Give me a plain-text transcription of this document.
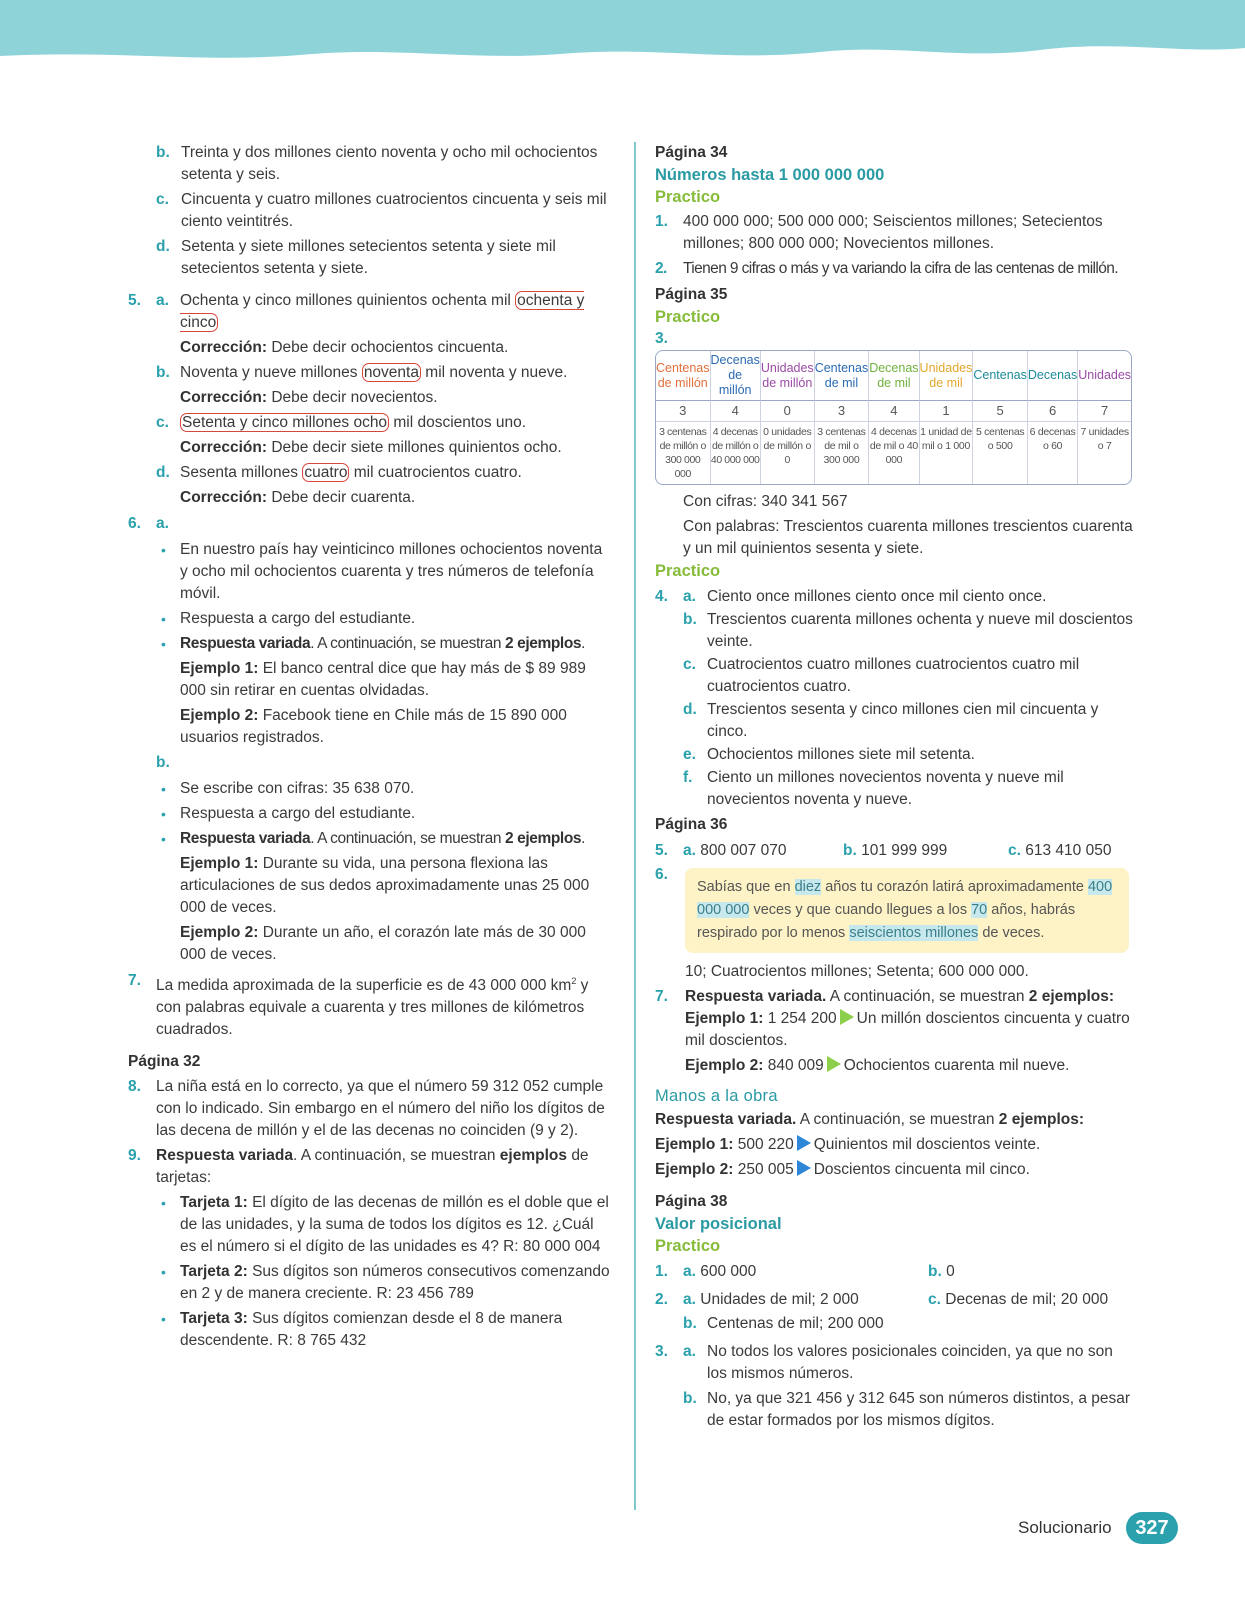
b. Treinta y dos millones ciento noventa y ocho mil ochocientos setenta y seis.

c. Cincuenta y cuatro millones cuatrocientos cincuenta y seis mil ciento veintitrés.

d. Setenta y siete millones setecientos setenta y siete mil setecientos setenta y siete.

5. a. Ochenta y cinco millones quinientos ochenta mil ochenta y cinco

Corrección: Debe decir ochocientos cincuenta.

b. Noventa y nueve millones noventa mil noventa y nueve.

Corrección: Debe decir novecientos.

c. Setenta y cinco millones ocho mil doscientos uno.

Corrección: Debe decir siete millones quinientos ocho.

d. Sesenta millones cuatro mil cuatrocientos cuatro.

Corrección: Debe decir cuarenta.

6. a.

• En nuestro país hay veinticinco millones ochocientos noventa y ocho mil ochocientos cuarenta y tres números de telefonía móvil.

• Respuesta a cargo del estudiante.

• Respuesta variada. A continuación, se muestran 2 ejemplos.

Ejemplo 1: El banco central dice que hay más de $ 89 989 000 sin retirar en cuentas olvidadas.

Ejemplo 2: Facebook tiene en Chile más de 15 890 000 usuarios registrados.

b.

• Se escribe con cifras: 35 638 070.

• Respuesta a cargo del estudiante.

• Respuesta variada. A continuación, se muestran 2 ejemplos.

Ejemplo 1: Durante su vida, una persona flexiona las articulaciones de sus dedos aproximadamente unas 25 000 000 de veces.

Ejemplo 2: Durante un año, el corazón late más de 30 000 000 de veces.

7. La medida aproximada de la superficie es de 43 000 000 $km^2$ y con palabras equivale a cuarenta y tres millones de kilómetros cuadrados.

Página 32

8. La niña está en lo correcto, ya que el número 59 312 052 cumple con lo indicado. Sin embargo en el número del niño los dígitos de las decena de millón y el de las decenas no coinciden (9 y 2).

9. Respuesta variada. A continuación, se muestran ejemplos de tarjetas:

• Tarjeta 1: El dígito de las decenas de millón es el doble que el de las unidades, y la suma de todos los dígitos es 12. ¿Cuál es el número si el dígito de las unidades es 4? R: 80 000 004

• Tarjeta 2: Sus dígitos son números consecutivos comenzando en 2 y de manera creciente. R: 23 456 789

• Tarjeta 3: Sus dígitos comienzan desde el 8 de manera descendente. R: 8 765 432

Página 34

Números hasta 1 000 000 000

Practico

1. 400 000 000; 500 000 000; Seiscientos millones; Setecientos millones; 800 000 000; Novecientos millones.

2. Tienen 9 cifras o más y va variando la cifra de las centenas de millón.

Página 35

Practico

3.

Centenas de millón	Decenas de millón	Unidades de millón	Centenas de mil	Decenas de mil	Unidades de mil	Centenas	Decenas	Unidades
3	4	0	3	4	1	5	6	7
3 centenas de millón o 300 000 000	4 decenas de millón o 40 000 000	0 unidades de millón o 0	3 centenas de mil o 300 000	4 decenas de mil o 40 000	1 unidad de mil o 1 000	5 centenas o 500	6 decenas o 60	7 unidades o 7

Con cifras: 340 341 567

Con palabras: Trescientos cuarenta millones trescientos cuarenta y un mil quinientos sesenta y siete.

Practico

4. a. Ciento once millones ciento once mil ciento once.

b. Trescientos cuarenta millones ochenta y nueve mil doscientos veinte.

c. Cuatrocientos cuatro millones cuatrocientos cuatro mil cuatrocientos cuatro.

d. Trescientos sesenta y cinco millones cien mil cincuenta y cinco.

e. Ochocientos millones siete mil setenta.

f. Ciento un millones novecientos noventa y nueve mil novecientos noventa y nueve.

Página 36

5. a. 800 007 070	b. 101 999 999	c. 613 410 050

6.

Sabías que en diez años tu corazón latirá aproximadamente 400 000 000 veces y que cuando llegues a los 70 años, habrás respirado por lo menos seiscientos millones de veces.

10; Cuatrocientos millones; Setenta; 600 000 000.

7. Respuesta variada. A continuación, se muestran 2 ejemplos:

Ejemplo 1: 1 254 200 Un millón doscientos cincuenta y cuatro mil doscientos.

Ejemplo 2: 840 009 Ochocientos cuarenta mil nueve.

Manos a la obra

Respuesta variada. A continuación, se muestran 2 ejemplos:

Ejemplo 1: 500 220 Quinientos mil doscientos veinte.

Ejemplo 2: 250 005 Doscientos cincuenta mil cinco.

Página 38

Valor posicional

Practico

1. a. 600 000	b. 0
2. a. Unidades de mil; 2 000	c. Decenas de mil; 20 000

b. Centenas de mil; 200 000

3. a. No todos los valores posicionales coinciden, ya que no son los mismos números.

b. No, ya que 321 456 y 312 645 son números distintos, a pesar de estar formados por los mismos dígitos.

Solucionario	327
